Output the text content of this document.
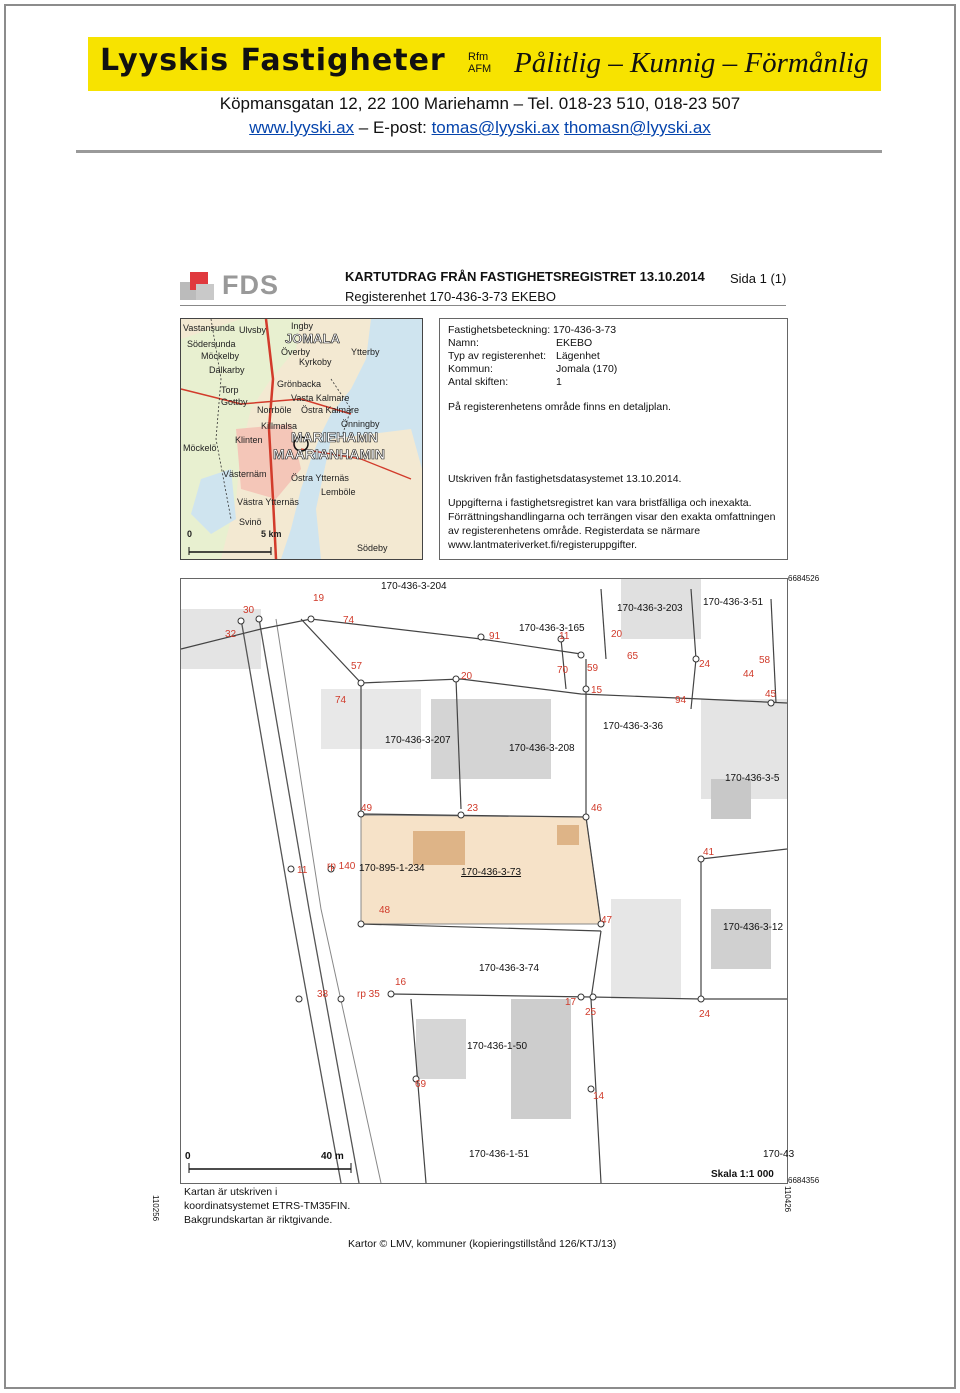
Lyyskis Fastigheter Rfm
AFM Pålitlig – Kunnig – Förmånlig
Köpmansgatan 12, 22 100 Mariehamn – Tel. 018-23 510, 018-23 507
www.lyyski.ax – E-post: tomas@lyyski.ax thomasn@lyyski.ax
FDS	KARTUTDRAG FRÅN FASTIGHETSREGISTRET 13.10.2014
Registerenhet 170-436-3-73 EKEBO
Sida 1 (1)
Vastansunda Ulvsby	Ingby
Södersunda	JOMALA
Överby	Ytterby
Möckelby
Kyrkoby
Dalkarby
Torp
Gottby
Grönbacka
Vasta Kalmare
Norrböle Östra Kalmare
Önningby
Klinten
Killmalsa
MARIEHAMN
MAARIANHAMIN
Möckelö
Västernäm	Östra Ytternäs
Lemböle
Västra Ytternäs
Södeby
Svinö
0	5 km
Fastighetsbeteckning: 170-436-3-73
Namn:	EKEBO
Typ av registerenhet: Lägenhet
Kommun:	Jomala (170)
Antal skiften:	1
På registerenhetens område finns en detaljplan.
Utskriven från fastighetsdatasystemet 13.10.2014.
Uppgifterna i fastighetsregistret kan vara bristfälliga och inexakta.
Förrättningshandlingarna och terrängen visar den exakta omfattningen
av registerenhetens område. Registerdata se närmare
www.lantmateriverket.fi/registeruppgifter.
170-436-3-204
170-436-3-203
170-436-3-51
170-436-3-165
170-436-3-36
170-436-3-207
170-436-3-208
170-436-3-5
170-895-1-234	170-436-3-73
170-436-3-12
170-436-3-74
170-436-1-50
170-436-1-51	170-43
19
30
74
32	91	11	20
65
24	58
44
57
20
70 59
15
94
45
74
49	23	46
41
11 rp 140
48
47
38	rp 35
16
17
25	24
69
14
0	40 m
Skala 1:1 000
6684526
6684356
110256	110426
Kartan är utskriven i
koordinatsystemet ETRS-TM35FIN.
Bakgrundskartan är riktgivande.
Kartor © LMV, kommuner (kopieringstillstånd 126/KTJ/13)
